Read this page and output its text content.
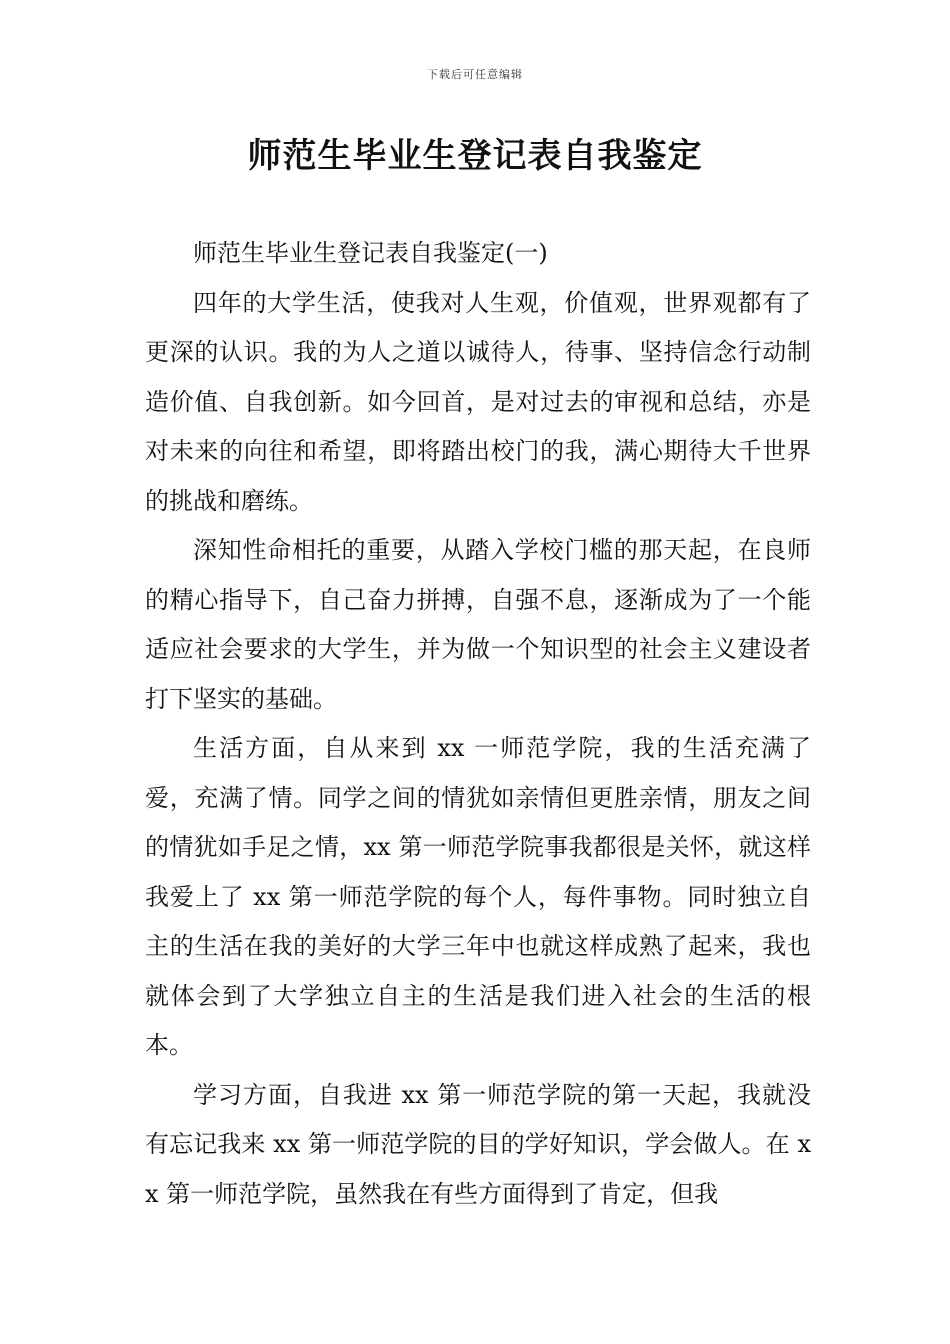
下载后可任意编辑
师范生毕业生登记表自我鉴定

师范生毕业生登记表自我鉴定(一)

四年的大学生活，使我对人生观，价值观，世界观都有了更深的认识。我的为人之道以诚待人，待事、坚持信念行动制造价值、自我创新。如今回首，是对过去的审视和总结，亦是对未来的向往和希望，即将踏出校门的我，满心期待大千世界的挑战和磨练。

深知性命相托的重要，从踏入学校门槛的那天起，在良师的精心指导下，自己奋力拼搏，自强不息，逐渐成为了一个能适应社会要求的大学生，并为做一个知识型的社会主义建设者打下坚实的基础。

生活方面，自从来到 xx 一师范学院，我的生活充满了爱，充满了情。同学之间的情犹如亲情但更胜亲情，朋友之间的情犹如手足之情，xx 第一师范学院事我都很是关怀，就这样我爱上了 xx 第一师范学院的每个人，每件事物。同时独立自主的生活在我的美好的大学三年中也就这样成熟了起来，我也就体会到了大学独立自主的生活是我们进入社会的生活的根本。

学习方面，自我进 xx 第一师范学院的第一天起，我就没有忘记我来 xx 第一师范学院的目的学好知识，学会做人。在 xx 第一师范学院，虽然我在有些方面得到了肯定，但我
